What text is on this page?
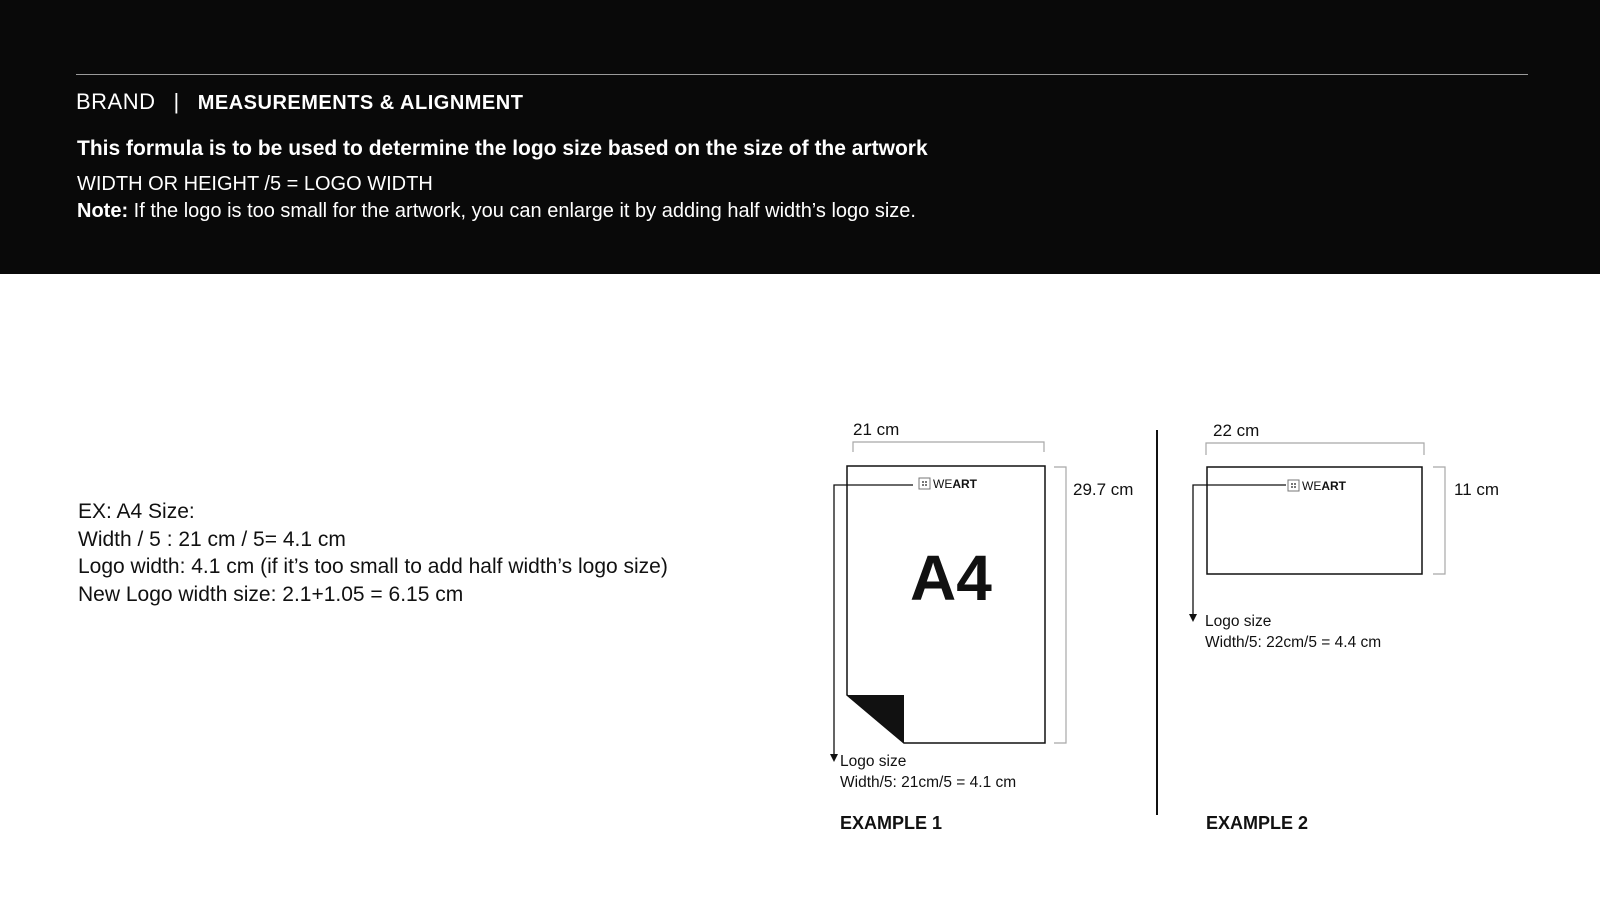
BRAND | MEASUREMENTS & ALIGNMENT
This formula is to be used to determine the logo size based on the size of the artwork
WIDTH OR HEIGHT /5 = LOGO WIDTH
Note: If the logo is too small for the artwork, you can enlarge it by adding half width’s logo size.
EX: A4 Size:
Width / 5 : 21 cm / 5= 4.1 cm
Logo width: 4.1 cm (if it’s too small to add half width’s logo size)
New Logo width size: 2.1+1.05 = 6.15 cm
21 cm
29.7 cm
WEART
A4
Logo size
Width/5: 21cm/5 = 4.1 cm
EXAMPLE 1
22 cm
11 cm
WEART
Logo size
Width/5: 22cm/5 = 4.4 cm
EXAMPLE 2
